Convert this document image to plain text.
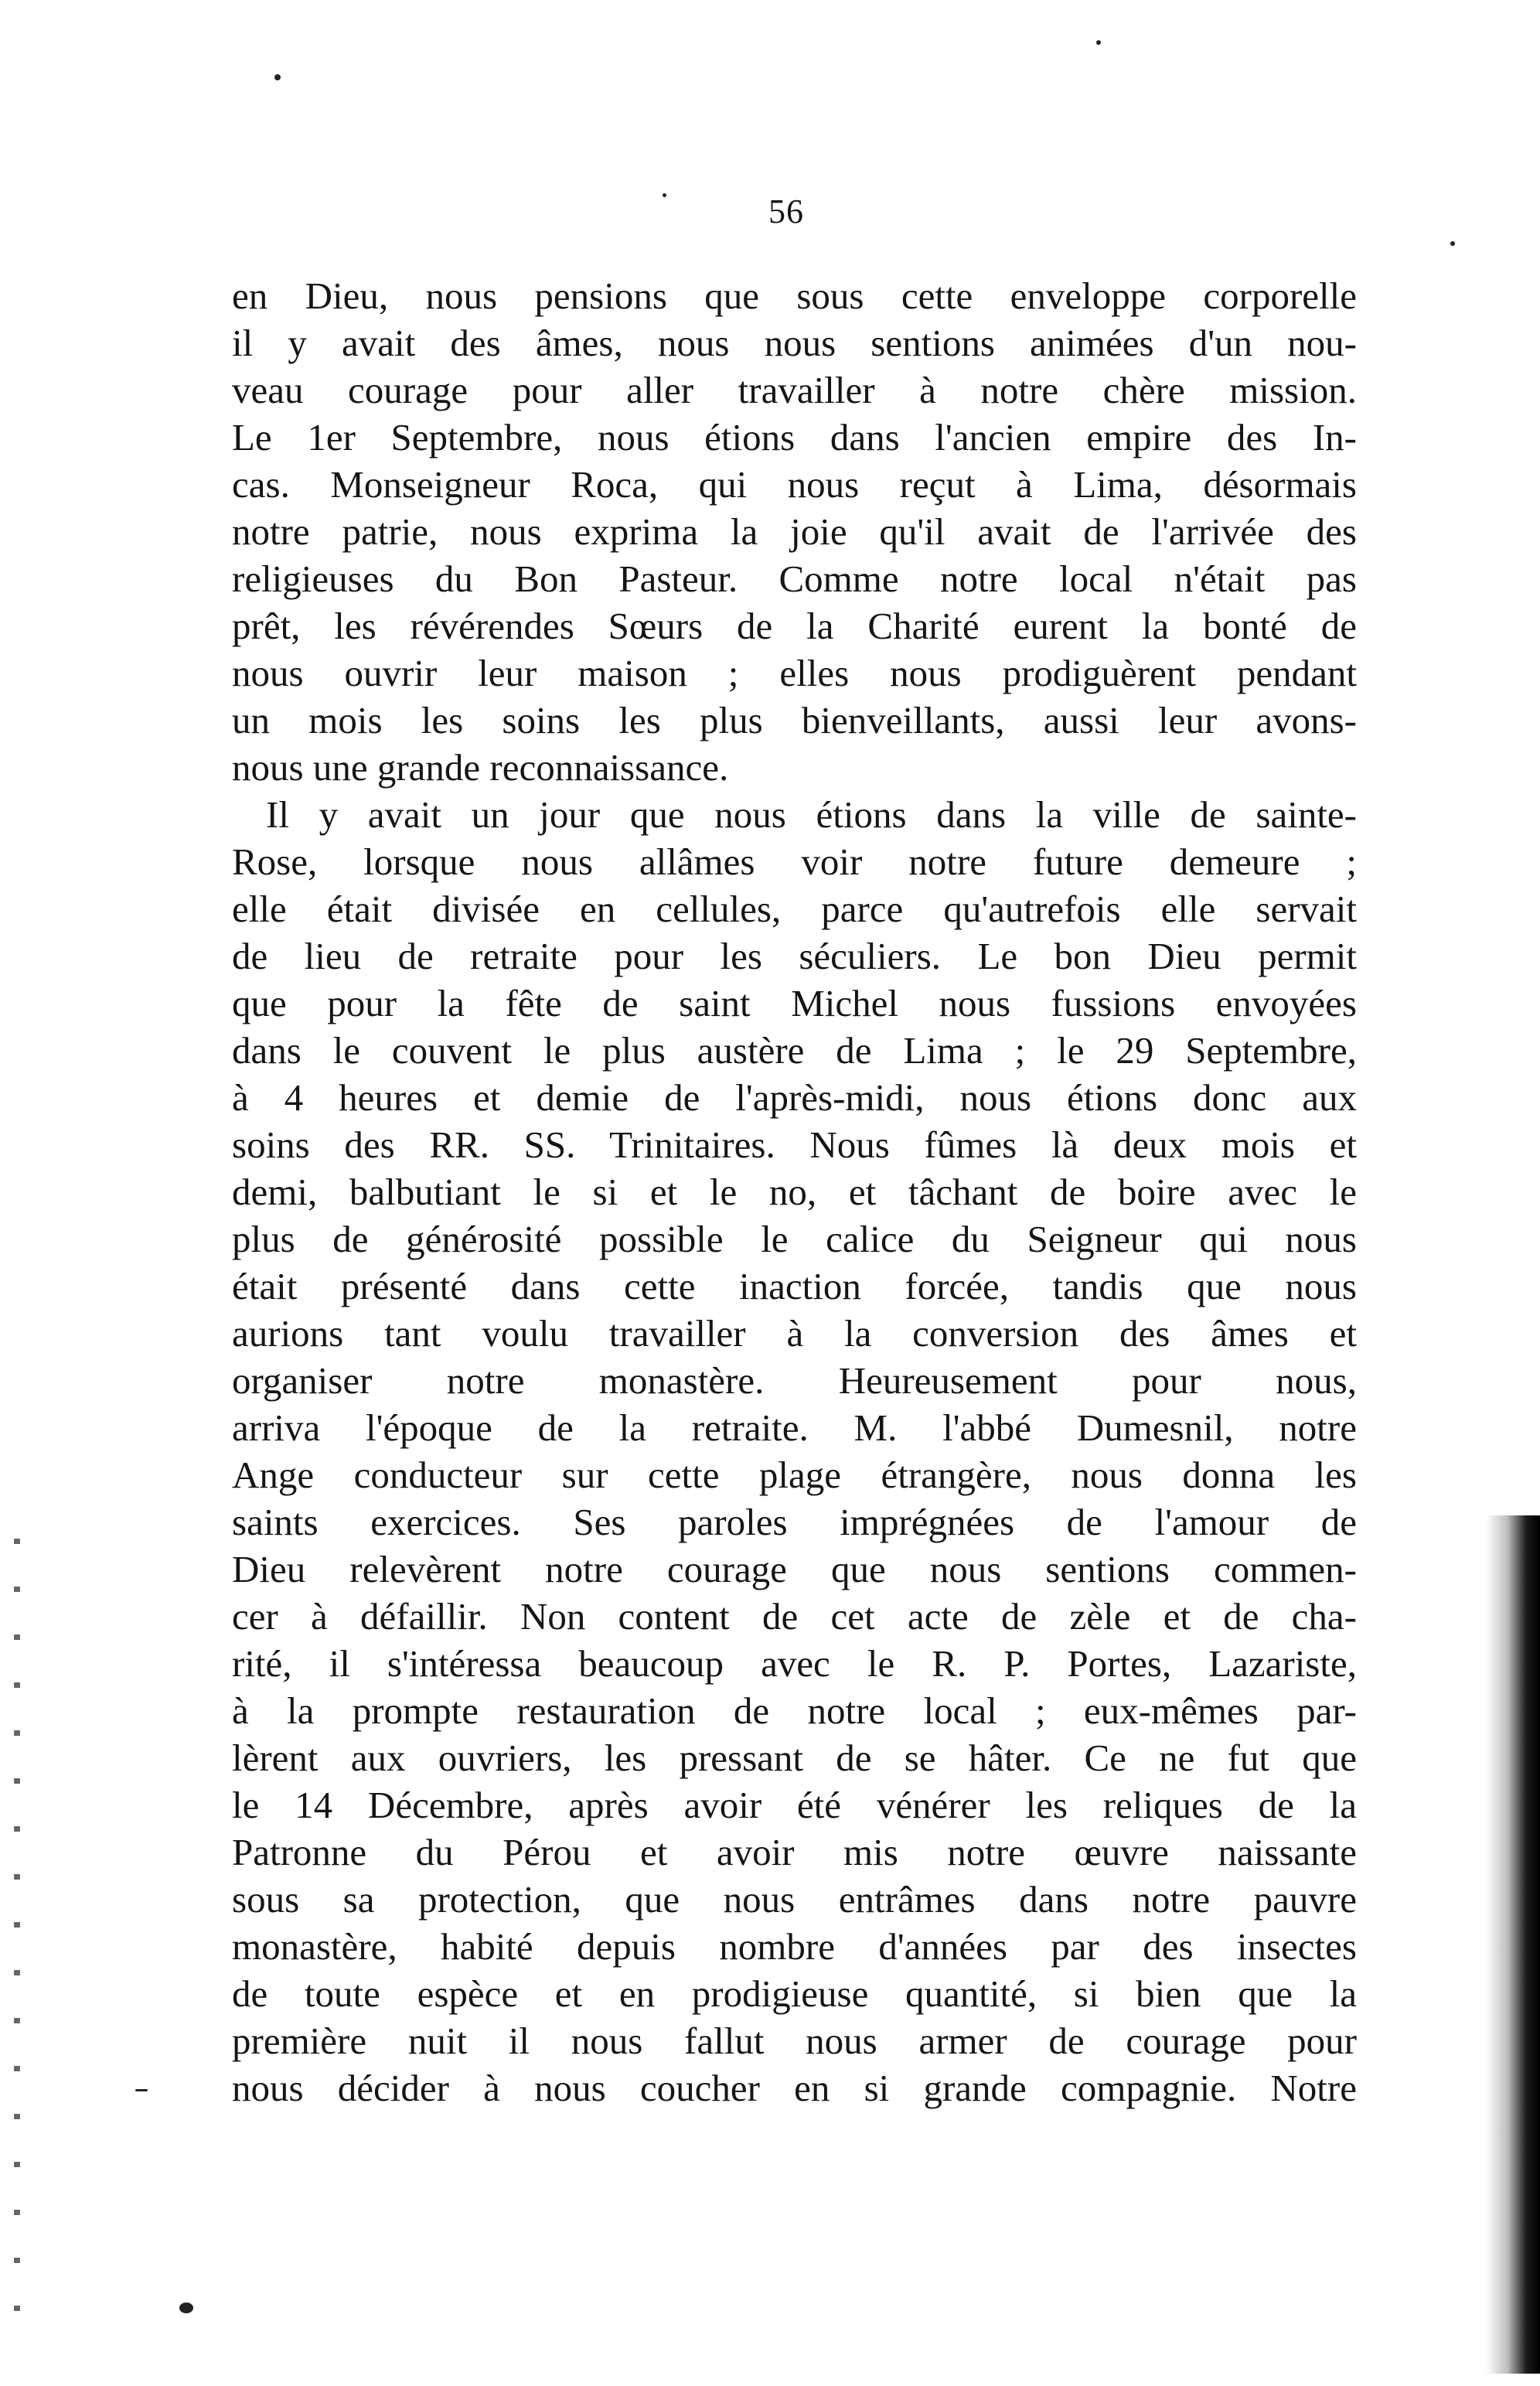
56
en Dieu, nous pensions que sous cette enveloppe corporelle
il y avait des âmes, nous nous sentions animées d'un nou-
veau courage pour aller travailler à notre chère mission.
Le 1er Septembre, nous étions dans l'ancien empire des In-
cas. Monseigneur Roca, qui nous reçut à Lima, désormais
notre patrie, nous exprima la joie qu'il avait de l'arrivée des
religieuses du Bon Pasteur. Comme notre local n'était pas
prêt, les révérendes Sœurs de la Charité eurent la bonté de
nous ouvrir leur maison ; elles nous prodiguèrent pendant
un mois les soins les plus bienveillants, aussi leur avons-
nous une grande reconnaissance.
Il y avait un jour que nous étions dans la ville de sainte-
Rose, lorsque nous allâmes voir notre future demeure ;
elle était divisée en cellules, parce qu'autrefois elle servait
de lieu de retraite pour les séculiers. Le bon Dieu permit
que pour la fête de saint Michel nous fussions envoyées
dans le couvent le plus austère de Lima ; le 29 Septembre,
à 4 heures et demie de l'après-midi, nous étions donc aux
soins des RR. SS. Trinitaires. Nous fûmes là deux mois et
demi, balbutiant le si et le no, et tâchant de boire avec le
plus de générosité possible le calice du Seigneur qui nous
était présenté dans cette inaction forcée, tandis que nous
aurions tant voulu travailler à la conversion des âmes et
organiser notre monastère. Heureusement pour nous,
arriva l'époque de la retraite. M. l'abbé Dumesnil, notre
Ange conducteur sur cette plage étrangère, nous donna les
saints exercices. Ses paroles imprégnées de l'amour de
Dieu relevèrent notre courage que nous sentions commen-
cer à défaillir. Non content de cet acte de zèle et de cha-
rité, il s'intéressa beaucoup avec le R. P. Portes, Lazariste,
à la prompte restauration de notre local ; eux-mêmes par-
lèrent aux ouvriers, les pressant de se hâter. Ce ne fut que
le 14 Décembre, après avoir été vénérer les reliques de la
Patronne du Pérou et avoir mis notre œuvre naissante
sous sa protection, que nous entrâmes dans notre pauvre
monastère, habité depuis nombre d'années par des insectes
de toute espèce et en prodigieuse quantité, si bien que la
première nuit il nous fallut nous armer de courage pour
nous décider à nous coucher en si grande compagnie. Notre
